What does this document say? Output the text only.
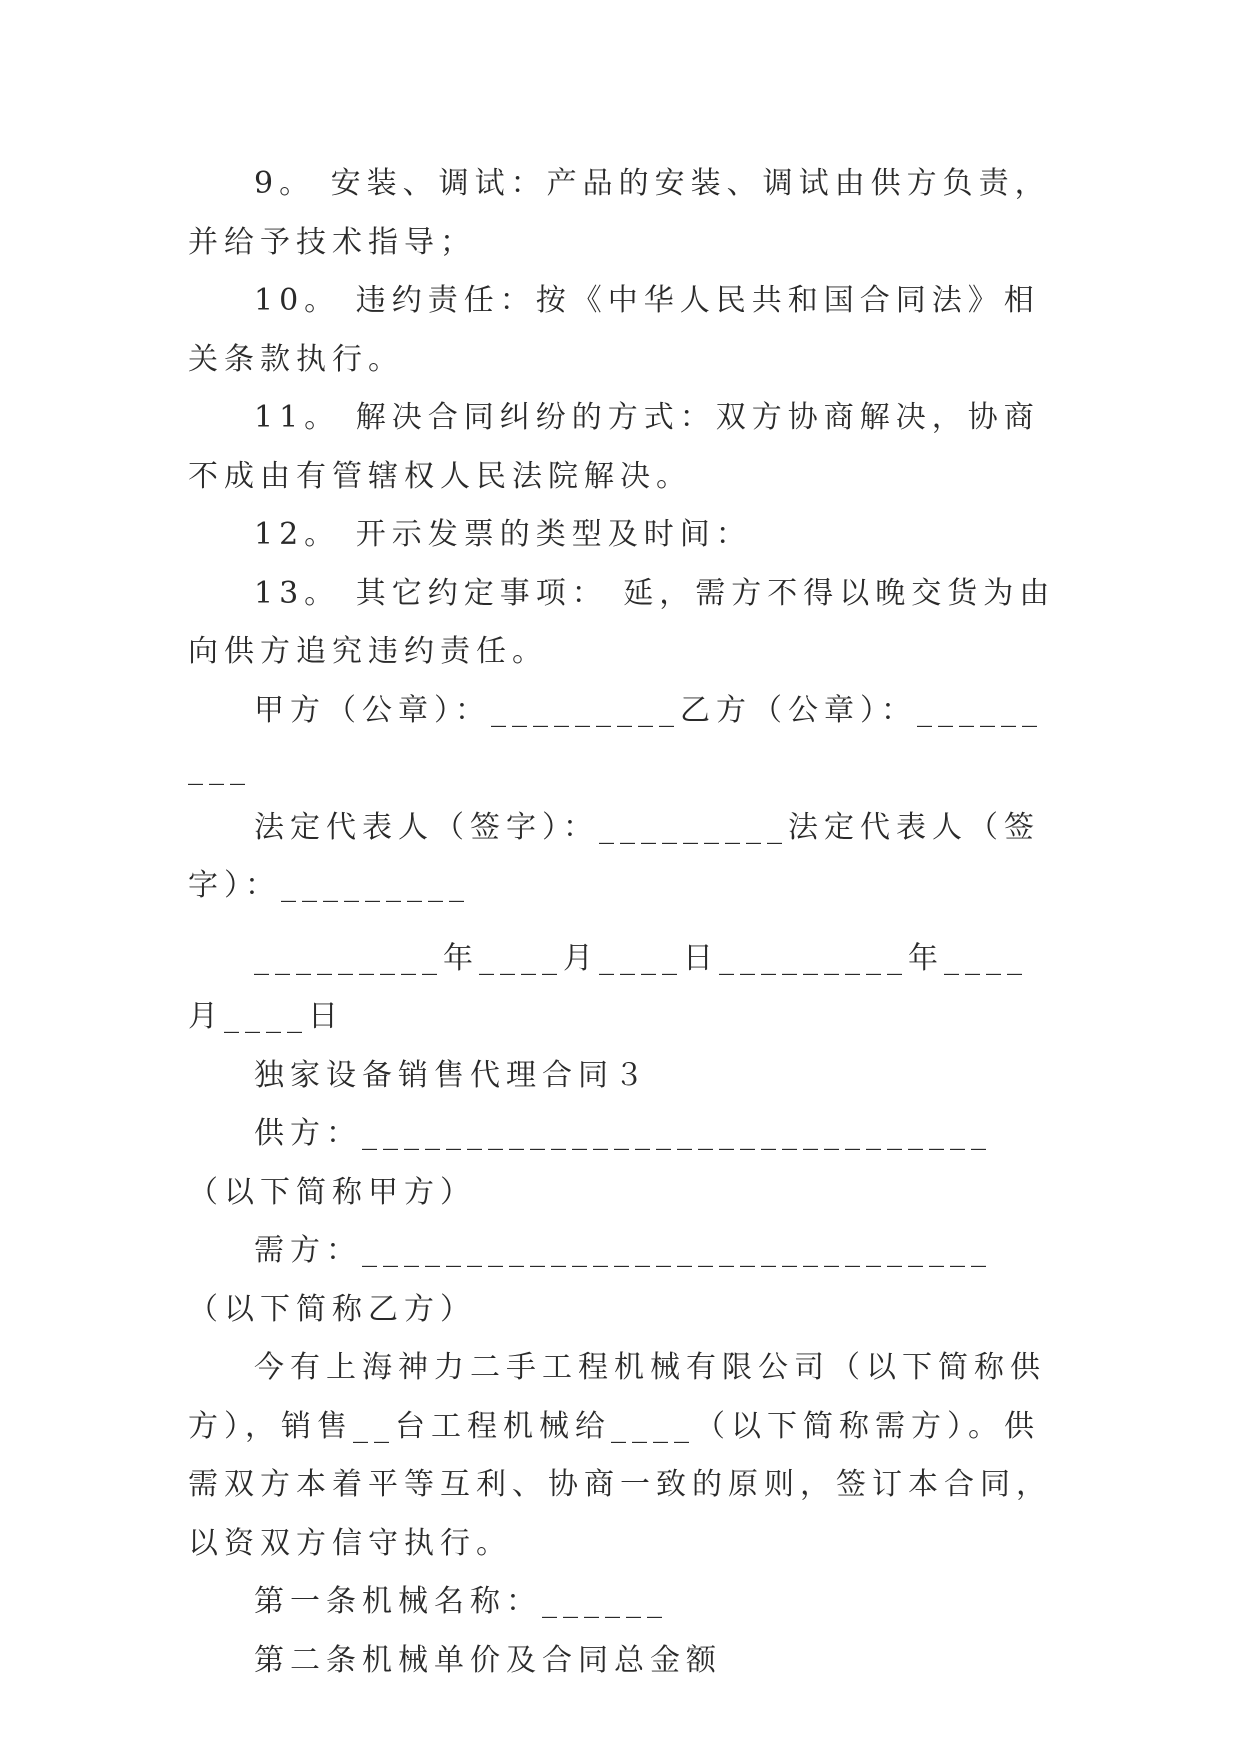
9。 安装、调试：产品的安装、调试由供方负责，并给予技术指导；

10。 违约责任：按《中华人民共和国合同法》相关条款执行。

11。 解决合同纠纷的方式：双方协商解决，协商不成由有管辖权人民法院解决。

12。 开示发票的类型及时间：

13。 其它约定事项： 延，需方不得以晚交货为由向供方追究违约责任。

甲方（公章）：_________乙方（公章）：_________

法定代表人（签字）：_________法定代表人（签字）：_________

_________年____月____日_________年____月____日

独家设备销售代理合同３

供方：______________________________（以下简称甲方）

需方：______________________________（以下简称乙方）

今有上海神力二手工程机械有限公司（以下简称供方），销售__台工程机械给____（以下简称需方）。供需双方本着平等互利、协商一致的原则，签订本合同，以资双方信守执行。

第一条机械名称：______

第二条机械单价及合同总金额
